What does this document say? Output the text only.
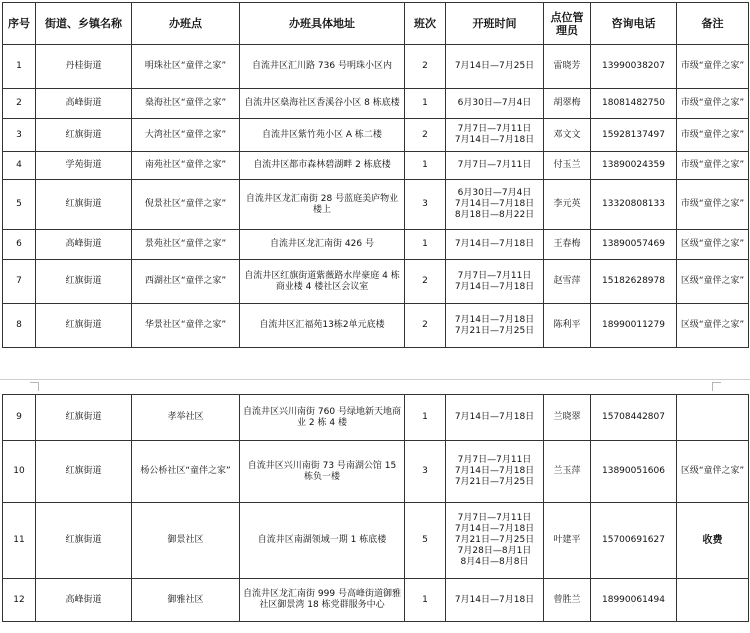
序号	街道、乡镇名称	办班点	办班具体地址	班次	开班时间	点位管理员	咨询电话	备注
1	丹桂街道	明珠社区“童伴之家”	自流井区汇川路 736 号明珠小区内	2	7月14日—7月25日	雷晓芳	13990038207	市级“童伴之家”
2	高峰街道	燊海社区“童伴之家”	自流井区燊海社区香溪谷小区 8 栋底楼	1	6月30日—7月4日	胡翠梅	18081482750	市级“童伴之家”
3	红旗街道	大湾社区“童伴之家”	自流井区紫竹苑小区 A 栋二楼	2	7月7日—7月11日
7月14日—7月18日	邓文文	15928137497	市级“童伴之家”
4	学苑街道	南苑社区“童伴之家”	自流井区都市森林碧湖畔 2 栋底楼	1	7月7日—7月11日	付玉兰	13890024359	市级“童伴之家”
5	红旗街道	倪景社区“童伴之家”	自流井区龙汇南街 28 号蓝庭美庐物业楼上	3	6月30日—7月4日
7月14日—7月18日
8月18日—8月22日	李元英	13320808133	市级“童伴之家”
6	高峰街道	景苑社区“童伴之家”	自流井区龙汇南街 426 号	1	7月14日—7月18日	王春梅	13890057469	区级“童伴之家”
7	红旗街道	西湖社区“童伴之家”	自流井区红旗街道紫薇路水岸豪庭 4 栋商业楼 4 楼社区会议室	2	7月7日—7月11日
7月14日—7月18日	赵雪萍	15182628978	区级“童伴之家”
8	红旗街道	华景社区“童伴之家”	自流井区汇福苑13栋2单元底楼	2	7月14日—7月18日
7月21日—7月25日	陈利平	18990011279	区级“童伴之家”
9	红旗街道	孝举社区	自流井区兴川南街 760 号绿地新天地商业 2 栋 4 楼	1	7月14日—7月18日	兰晓翠	15708442807	
10	红旗街道	杨公桥社区“童伴之家”	自流井区兴川南街 73 号南湖公馆 15 栋负一楼	3	7月7日—7月11日
7月14日—7月18日
7月21日—7月25日	兰玉萍	13890051606	区级“童伴之家”
11	红旗街道	御景社区	自流井区南湖领域一期 1 栋底楼	5	7月7日—7月11日
7月14日—7月18日
7月21日—7月25日
7月28日—8月1日
8月4日—8月8日	叶建平	15700691627	收费
12	高峰街道	御雅社区	自流井区龙汇南街 999 号高峰街道御雅社区御景湾 18 栋党群服务中心	1	7月14日—7月18日	曾胜兰	18990061494	
